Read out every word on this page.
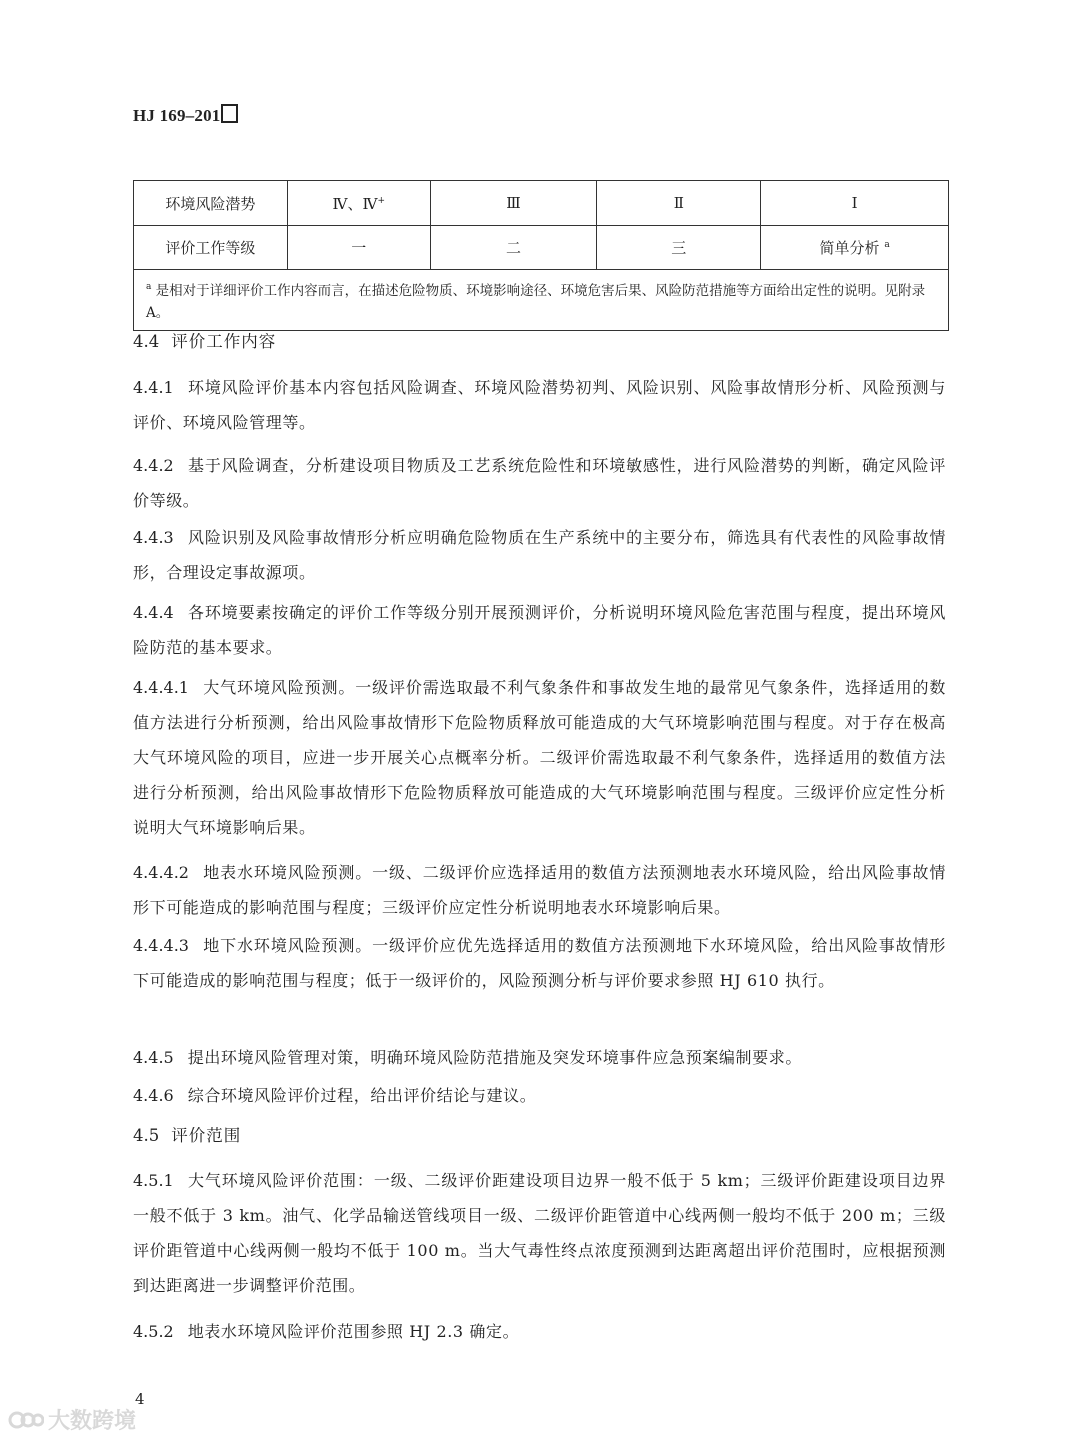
HJ 169–201
环境风险潜势	Ⅳ、Ⅳ+	Ⅲ	Ⅱ	Ⅰ
评价工作等级	一	二	三	简单分析 $^a$
$^a$ 是相对于详细评价工作内容而言，在描述危险物质、环境影响途径、环境危害后果、风险防范措施等方面给出定性的说明。见附录 A。				
4.4 评价工作内容
4.4.1 环境风险评价基本内容包括风险调查、环境风险潜势初判、风险识别、风险事故情形分析、风险预测与评价、环境风险管理等。
4.4.2 基于风险调查，分析建设项目物质及工艺系统危险性和环境敏感性，进行风险潜势的判断，确定风险评价等级。
4.4.3 风险识别及风险事故情形分析应明确危险物质在生产系统中的主要分布，筛选具有代表性的风险事故情形，合理设定事故源项。
4.4.4 各环境要素按确定的评价工作等级分别开展预测评价，分析说明环境风险危害范围与程度，提出环境风险防范的基本要求。
4.4.4.1 大气环境风险预测。一级评价需选取最不利气象条件和事故发生地的最常见气象条件，选择适用的数值方法进行分析预测，给出风险事故情形下危险物质释放可能造成的大气环境影响范围与程度。对于存在极高大气环境风险的项目，应进一步开展关心点概率分析。二级评价需选取最不利气象条件，选择适用的数值方法进行分析预测，给出风险事故情形下危险物质释放可能造成的大气环境影响范围与程度。三级评价应定性分析说明大气环境影响后果。
4.4.4.2 地表水环境风险预测。一级、二级评价应选择适用的数值方法预测地表水环境风险，给出风险事故情形下可能造成的影响范围与程度；三级评价应定性分析说明地表水环境影响后果。
4.4.4.3 地下水环境风险预测。一级评价应优先选择适用的数值方法预测地下水环境风险，给出风险事故情形下可能造成的影响范围与程度；低于一级评价的，风险预测分析与评价要求参照 HJ 610 执行。
4.4.5 提出环境风险管理对策，明确环境风险防范措施及突发环境事件应急预案编制要求。
4.4.6 综合环境风险评价过程，给出评价结论与建议。
4.5 评价范围
4.5.1 大气环境风险评价范围：一级、二级评价距建设项目边界一般不低于 5 km；三级评价距建设项目边界一般不低于 3 km。油气、化学品输送管线项目一级、二级评价距管道中心线两侧一般均不低于 200 m；三级评价距管道中心线两侧一般均不低于 100 m。当大气毒性终点浓度预测到达距离超出评价范围时，应根据预测到达距离进一步调整评价范围。
4.5.2 地表水环境风险评价范围参照 HJ 2.3 确定。
4
大数跨境
